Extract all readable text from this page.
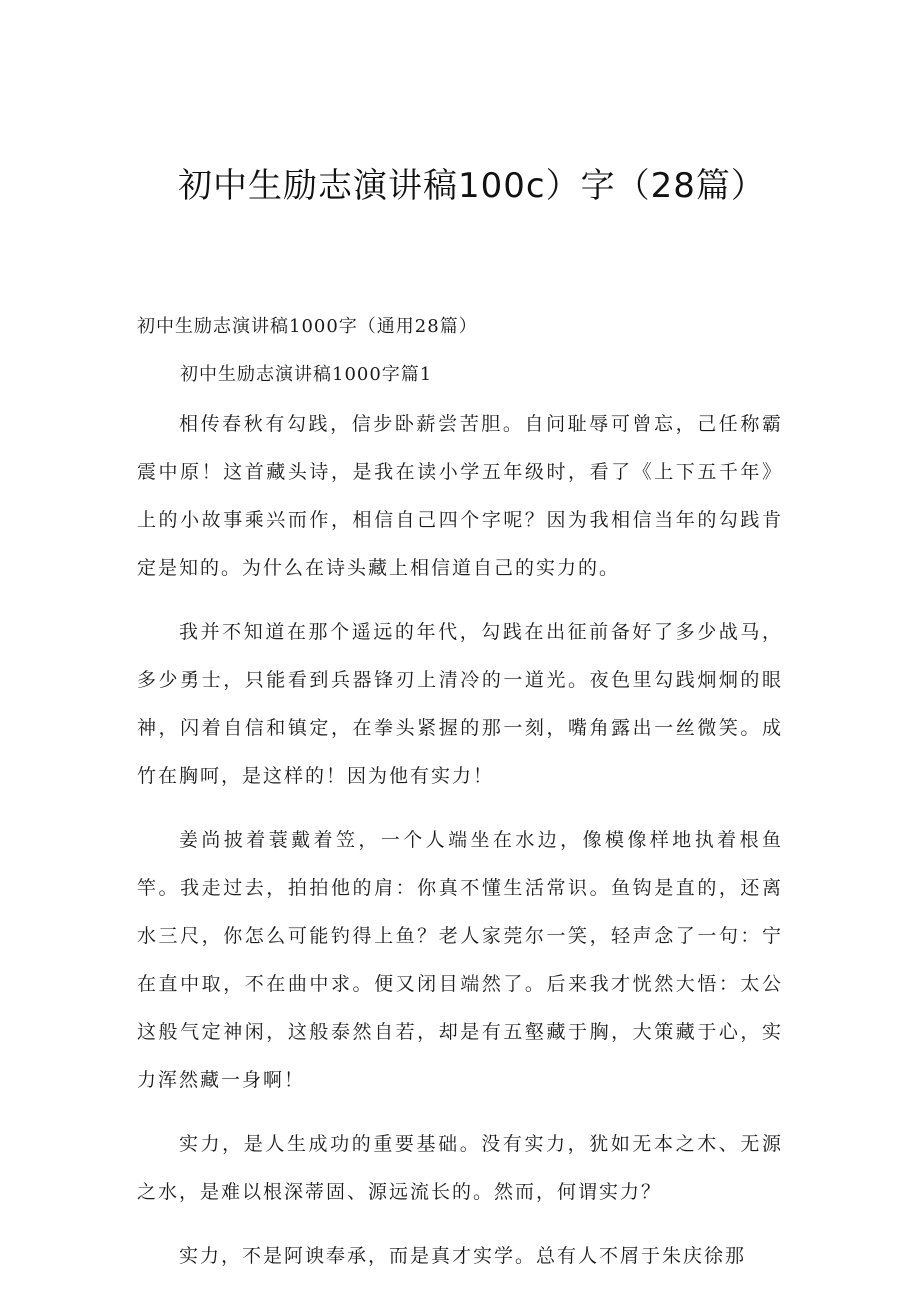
初中生励志演讲稿100c）字（28篇）
初中生励志演讲稿1000字（通用28篇）
初中生励志演讲稿1000字篇1

相传春秋有勾践，信步卧薪尝苦胆。自问耻辱可曾忘，己任称霸震中原！这首藏头诗，是我在读小学五年级时，看了《上下五千年》上的小故事乘兴而作，相信自己四个字呢？因为我相信当年的勾践肯定是知的。为什么在诗头藏上相信道自己的实力的。

我并不知道在那个遥远的年代，勾践在出征前备好了多少战马，多少勇士，只能看到兵器锋刃上清冷的一道光。夜色里勾践炯炯的眼神，闪着自信和镇定，在拳头紧握的那一刻，嘴角露出一丝微笑。成竹在胸呵，是这样的！因为他有实力！

姜尚披着蓑戴着笠，一个人端坐在水边，像模像样地执着根鱼竿。我走过去，拍拍他的肩：你真不懂生活常识。鱼钩是直的，还离水三尺，你怎么可能钓得上鱼？老人家莞尔一笑，轻声念了一句：宁在直中取，不在曲中求。便又闭目端然了。后来我才恍然大悟：太公这般气定神闲，这般泰然自若，却是有五壑藏于胸，大策藏于心，实力浑然藏一身啊！

实力，是人生成功的重要基础。没有实力，犹如无本之木、无源之水，是难以根深蒂固、源远流长的。然而，何谓实力？

实力，不是阿谀奉承，而是真才实学。总有人不屑于朱庆徐那
